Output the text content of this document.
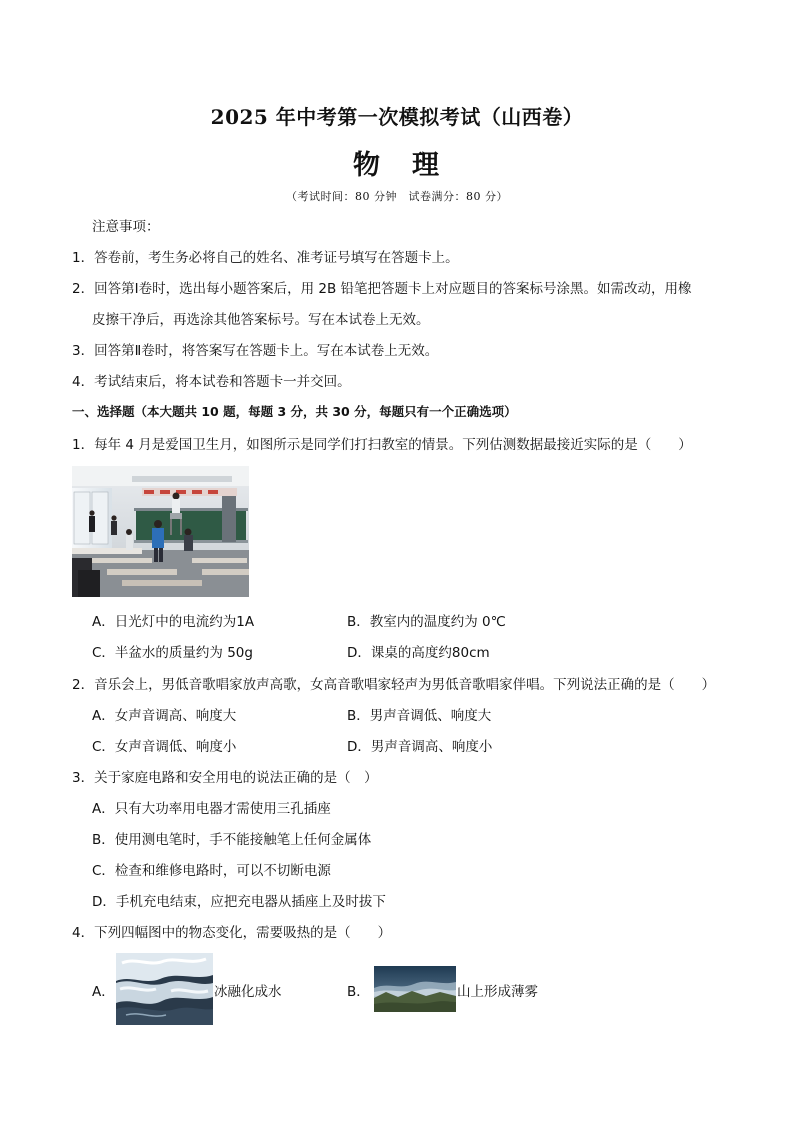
2025 年中考第一次模拟考试（山西卷）
物 理
（考试时间：80 分钟　试卷满分：80 分）
注意事项：
1．答卷前，考生务必将自己的姓名、准考证号填写在答题卡上。
2．回答第Ⅰ卷时，选出每小题答案后，用 2B 铅笔把答题卡上对应题目的答案标号涂黑。如需改动，用橡
皮擦干净后，再选涂其他答案标号。写在本试卷上无效。
3．回答第Ⅱ卷时，将答案写在答题卡上。写在本试卷上无效。
4．考试结束后，将本试卷和答题卡一并交回。
一、选择题（本大题共 10 题，每题 3 分，共 30 分，每题只有一个正确选项）
1．每年 4 月是爱国卫生月，如图所示是同学们打扫教室的情景。下列估测数据最接近实际的是（　　）
A．日光灯中的电流约为1A	B．教室内的温度约为 0℃
C．半盆水的质量约为 50g	D．课桌的高度约80cm
2．音乐会上，男低音歌唱家放声高歌，女高音歌唱家轻声为男低音歌唱家伴唱。下列说法正确的是（　　）
A．女声音调高、响度大	B．男声音调低、响度大
C．女声音调低、响度小	D．男声音调高、响度小
3．关于家庭电路和安全用电的说法正确的是（　）
A．只有大功率用电器才需使用三孔插座
B．使用测电笔时，手不能接触笔上任何金属体
C．检查和维修电路时，可以不切断电源
D．手机充电结束，应把充电器从插座上及时拔下
4．下列四幅图中的物态变化，需要吸热的是（　　）
A．	冰融化成水	B．	山上形成薄雾
